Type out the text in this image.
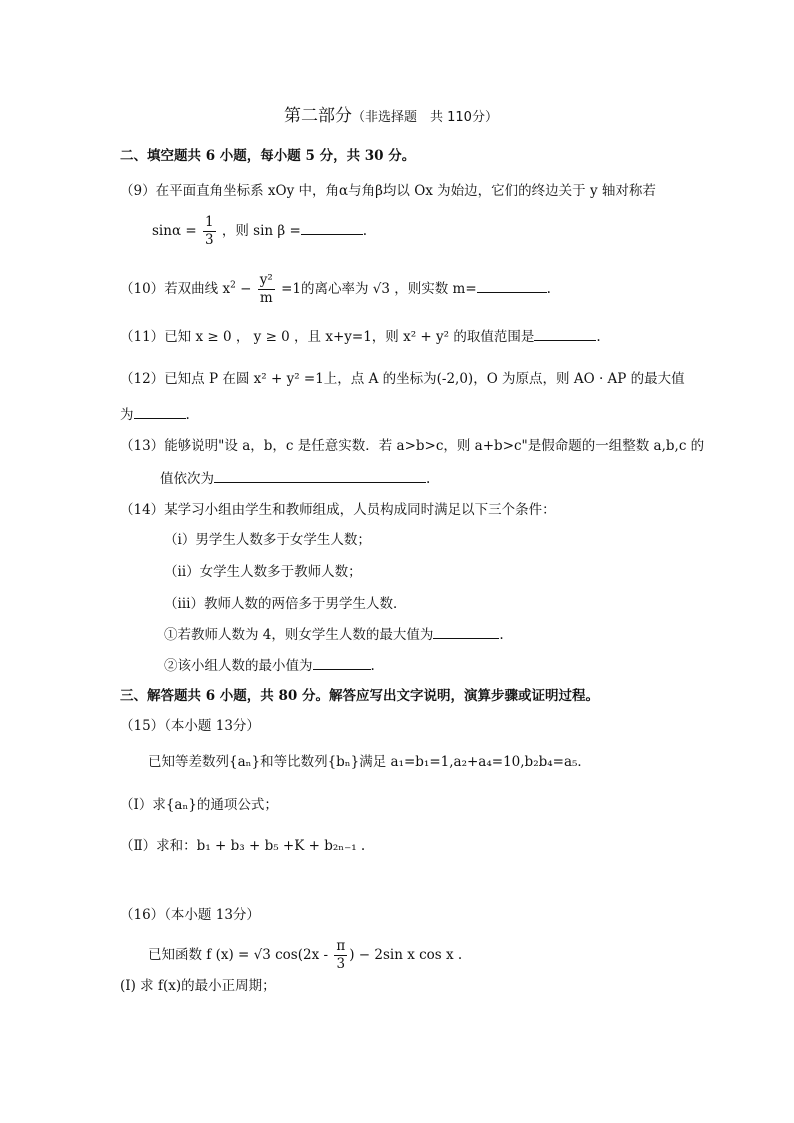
第二部分（非选择题　共 110分）
二、填空题共 6 小题，每小题 5 分，共 30 分。
（9）在平面直角坐标系 xOy 中，角α与角β均以 Ox 为始边，它们的终边关于 y 轴对称若
$\sin\alpha = \frac{1}{3}$ ，则 sin β =	.
（10）若双曲线 $x^2 - \frac{\text{y²}}{m} =1$的离心率为 √3 ，则实数 m=	.
（11）已知 x ≥ 0 ， y ≥ 0 ，且 x+y=1，则 x² + y² 的取值范围是	.
（12）已知点 P 在圆 x² + y² =1上，点 A 的坐标为(-2,0)，O 为原点，则 AO · AP 的最大值
为	.
（13）能够说明"设 a，b，c 是任意实数．若 a>b>c，则 a+b>c"是假命题的一组整数 a,b,c 的
值依次为	.
（14）某学习小组由学生和教师组成，人员构成同时满足以下三个条件：
（ⅰ）男学生人数多于女学生人数；
（ⅱ）女学生人数多于教师人数；
（ⅲ）教师人数的两倍多于男学生人数．
①若教师人数为 4，则女学生人数的最大值为	.
②该小组人数的最小值为	.
三、解答题共 6 小题，共 80 分。解答应写出文字说明，演算步骤或证明过程。
（15）（本小题 13分）
已知等差数列{aₙ}和等比数列{bₙ}满足 a₁=b₁=1,a₂+a₄=10,b₂b₄=a₅．
（Ⅰ）求{aₙ}的通项公式；
（Ⅱ）求和：b₁ + b₃ + b₅ +K + b₂ₙ₋₁ .
（16）（本小题 13分）
已知函数 f (x) = √3 $\cos(2x - \frac{\pi}{3}$ ) − 2sin x cos x .
(Ⅰ) 求 f(x)的最小正周期；
